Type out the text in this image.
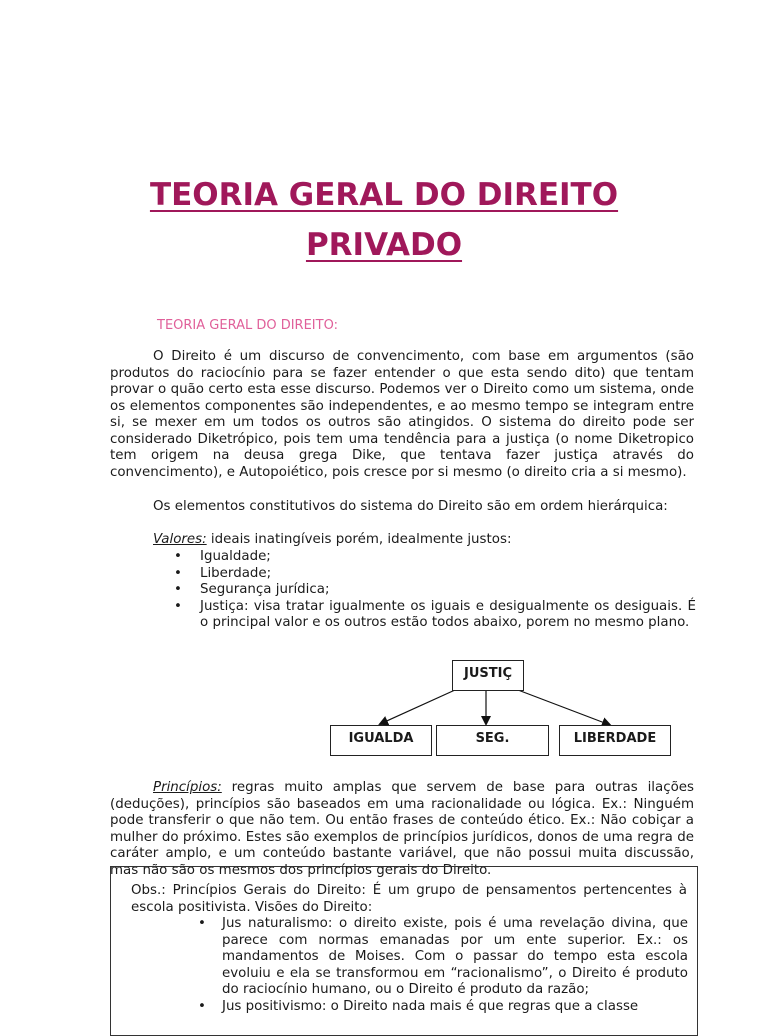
TEORIA GERAL DO DIREITO
PRIVADO
TEORIA GERAL DO DIREITO:
O Direito é um discurso de convencimento, com base em argumentos (são produtos do raciocínio para se fazer entender o que esta sendo dito) que tentam provar o quão certo esta esse discurso. Podemos ver o Direito como um sistema, onde os elementos componentes são independentes, e ao mesmo tempo se integram entre si, se mexer em um todos os outros são atingidos. O sistema do direito pode ser considerado Diketrópico, pois tem uma tendência para a justiça (o nome Diketropico tem origem na deusa grega Dike, que tentava fazer justiça através do convencimento), e Autopoiético, pois cresce por si mesmo (o direito cria a si mesmo).
Os elementos constitutivos do sistema do Direito são em ordem hierárquica:
Valores: ideais inatingíveis porém, idealmente justos:
• Igualdade;
• Liberdade;
• Segurança jurídica;
• Justiça: visa tratar igualmente os iguais e desigualmente os desiguais. É o principal valor e os outros estão todos abaixo, porem no mesmo plano.
JUSTIÇ
IGUALDA	SEG.	LIBERDADE
Princípios: regras muito amplas que servem de base para outras ilações (deduções), princípios são baseados em uma racionalidade ou lógica. Ex.: Ninguém pode transferir o que não tem. Ou então frases de conteúdo ético. Ex.: Não cobiçar a mulher do próximo. Estes são exemplos de princípios jurídicos, donos de uma regra de caráter amplo, e um conteúdo bastante variável, que não possui muita discussão, mas não são os mesmos dos princípios gerais do Direito.
Obs.: Princípios Gerais do Direito: É um grupo de pensamentos pertencentes à escola positivista. Visões do Direito:
• Jus naturalismo: o direito existe, pois é uma revelação divina, que parece com normas emanadas por um ente superior. Ex.: os mandamentos de Moises. Com o passar do tempo esta escola evoluiu e ela se transformou em “racionalismo”, o Direito é produto do raciocínio humano, ou o Direito é produto da razão;
• Jus positivismo: o Direito nada mais é que regras que a classe
